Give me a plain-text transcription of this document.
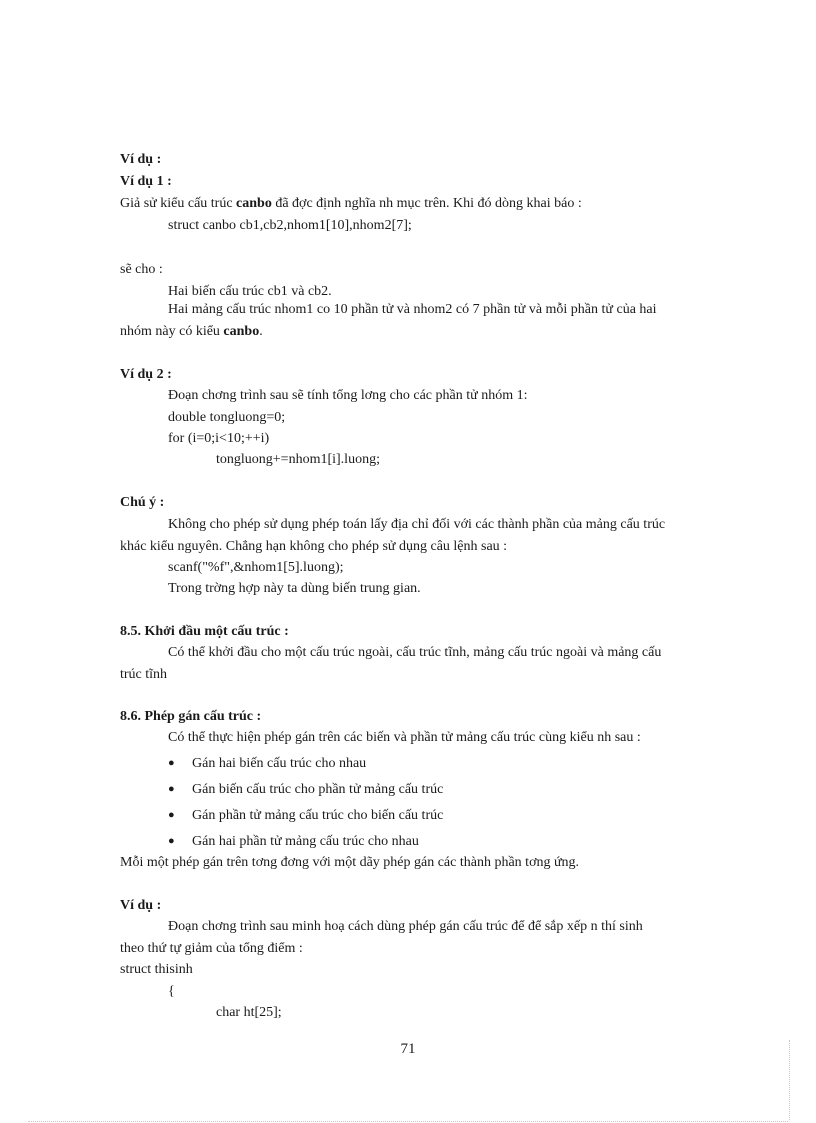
Ví dụ :
Ví dụ 1 :
Giả sử kiểu cấu trúc canbo đã đợc định nghĩa nh mục trên. Khi đó dòng khai báo :
struct canbo cb1,cb2,nhom1[10],nhom2[7];
sẽ cho :
Hai biến cấu trúc cb1 và cb2.
Hai mảng cấu trúc nhom1 co 10 phần tử và nhom2 có 7 phần tử và mỗi phần tử của hai
nhóm này có kiểu canbo.
Ví dụ 2 :
Đoạn chơng trình sau sẽ tính tổng lơng cho các phần tử nhóm 1:
double tongluong=0;
for (i=0;i<10;++i)
tongluong+=nhom1[i].luong;
Chú ý :
Không cho phép sử dụng phép toán lấy địa chỉ đối với các thành phần của mảng cấu trúc
khác kiểu nguyên. Chẳng hạn không cho phép sử dụng câu lệnh sau :
scanf("%f",&nhom1[5].luong);
Trong trờng hợp này ta dùng biến trung gian.
8.5. Khởi đầu một cấu trúc :
Có thể khởi đầu cho một cấu trúc ngoài, cấu trúc tĩnh, mảng cấu trúc ngoài và mảng cấu
trúc tĩnh
8.6. Phép gán cấu trúc :
Có thể thực hiện phép gán trên các biến và phần tử mảng cấu trúc cùng kiểu nh sau :
● Gán hai biến cấu trúc cho nhau
● Gán biến cấu trúc cho phần tử mảng cấu trúc
● Gán phần tử mảng cấu trúc cho biến cấu trúc
● Gán hai phần tử mảng cấu trúc cho nhau
Mỗi một phép gán trên tơng đơng với một dãy phép gán các thành phần tơng ứng.
Ví dụ :
Đoạn chơng trình sau minh hoạ cách dùng phép gán cấu trúc để để sắp xếp n thí sinh
theo thứ tự giảm của tổng điểm :
struct thisinh
{
char ht[25];
71
